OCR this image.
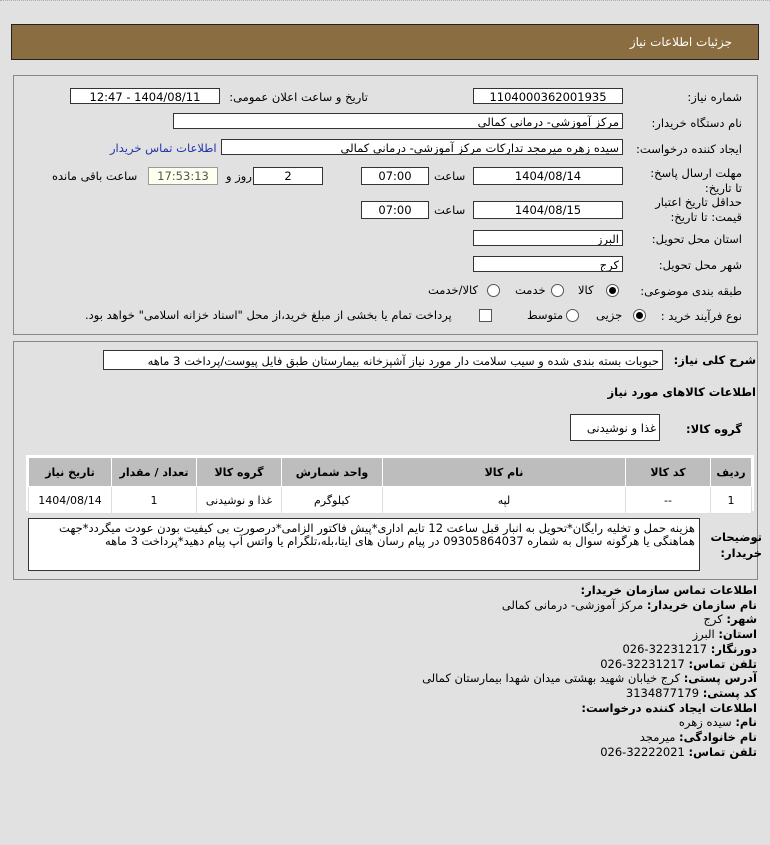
جزئیات اطلاعات نیاز
شماره نیاز:
1104000362001935
تاریخ و ساعت اعلان عمومی:
1404/08/11 - 12:47
نام دستگاه خریدار:
مرکز آموزشی- درمانی کمالی
ایجاد کننده درخواست:
سیده زهره میرمجد تدارکات مرکز آموزشی- درمانی کمالی
اطلاعات تماس خریدار
مهلت ارسال پاسخ: تا تاریخ:
1404/08/14
ساعت
07:00
2
روز و
17:53:13
ساعت باقی مانده
حداقل تاریخ اعتبار قیمت: تا تاریخ:
1404/08/15
ساعت
07:00
استان محل تحویل:
البرز
شهر محل تحویل:
کرج
طبقه بندی موضوعی:
کالا
خدمت
کالا/خدمت
نوع فرآیند خرید :
جزیی
متوسط
پرداخت تمام یا بخشی از مبلغ خرید،از محل "اسناد خزانه اسلامی" خواهد بود.
شرح کلی نیاز:
حبوبات بسته بندی شده و سیب سلامت دار مورد نیاز آشپزخانه بیمارستان طبق فایل پیوست/پرداخت 3 ماهه
اطلاعات کالاهای مورد نیاز
گروه کالا:
غذا و نوشیدنی
ردیف	کد کالا	نام کالا	واحد شمارش	گروه کالا	تعداد / مقدار	تاریخ نیاز
1	--	لپه	کیلوگرم	غذا و نوشیدنی	1	1404/08/14
هزینه حمل و تخلیه رایگان*تحویل به انبار قبل ساعت 12 تایم اداری*پیش فاکتور الزامی*درصورت بی کیفیت بودن عودت میگردد*جهت هماهنگی یا هرگونه سوال به شماره 09305864037 در پیام رسان های ایتا،بله،تلگرام یا واتس آپ پیام دهید*پرداخت 3 ماهه	توضیحات خریدار:
اطلاعات تماس سازمان خریدار:
نام سازمان خریدار: مرکز آموزشی- درمانی کمالی
شهر: کرج
استان: البرز
دورنگار: 32231217-026
تلفن تماس: 32231217-026
آدرس پستی: کرج خیابان شهید بهشتی میدان شهدا بیمارستان کمالی
کد پستی: 3134877179
اطلاعات ایجاد کننده درخواست:
نام: سیده زهره
نام خانوادگی: میرمجد
تلفن تماس: 32222021-026
